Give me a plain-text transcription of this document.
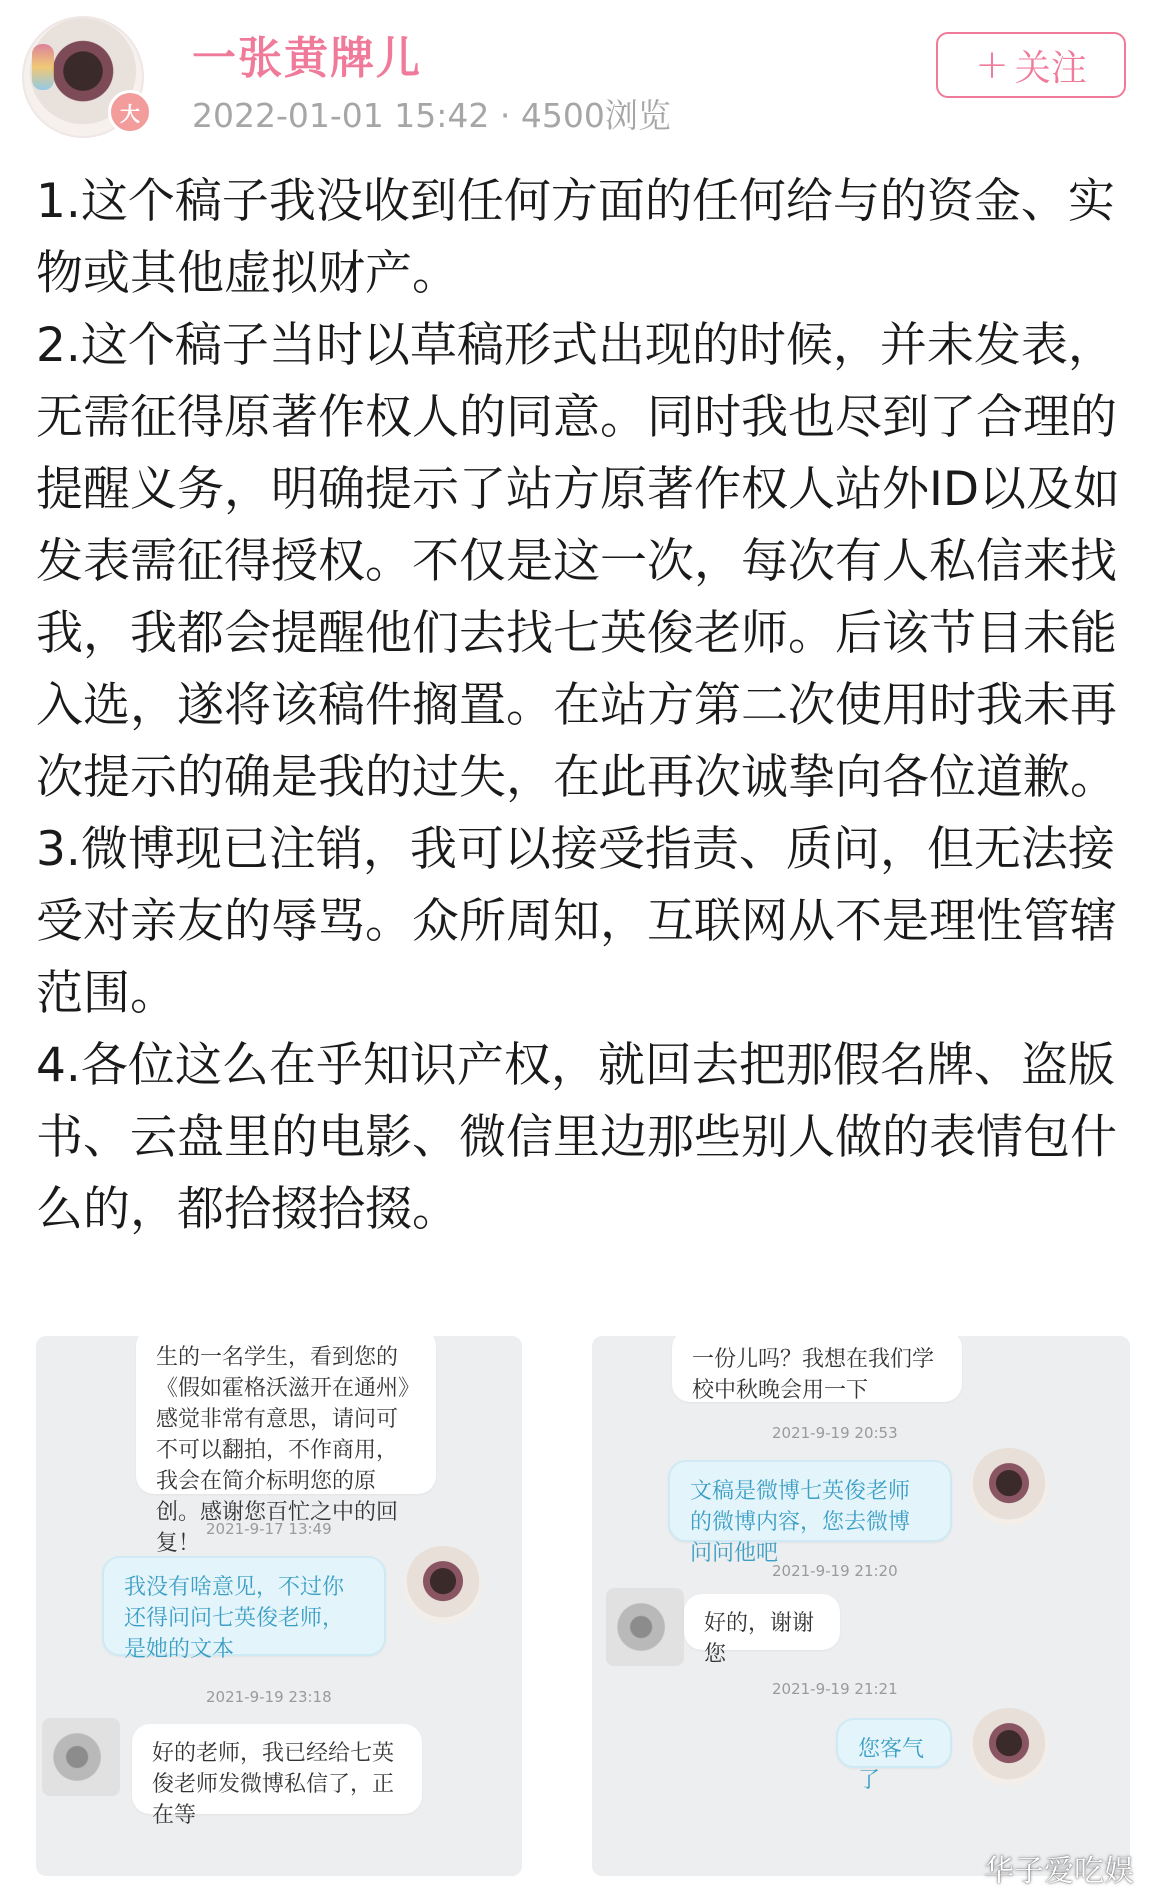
大
一张黄牌儿
2022-01-01 15:42 · 4500浏览
+ 关注

1.这个稿子我没收到任何方面的任何给与的资金、实物或其他虚拟财产。

2.这个稿子当时以草稿形式出现的时候，并未发表，无需征得原著作权人的同意。同时我也尽到了合理的提醒义务，明确提示了站方原著作权人站外ID以及如发表需征得授权。不仅是这一次，每次有人私信来找我，我都会提醒他们去找七英俊老师。后该节目未能入选，遂将该稿件搁置。在站方第二次使用时我未再次提示的确是我的过失，在此再次诚挚向各位道歉。

3.微博现已注销，我可以接受指责、质问，但无法接受对亲友的辱骂。众所周知，互联网从不是理性管辖范围。

4.各位这么在乎知识产权，就回去把那假名牌、盗版书、云盘里的电影、微信里边那些别人做的表情包什么的，都拾掇拾掇。

生的一名学生，看到您的《假如霍格沃滋开在通州》感觉非常有意思，请问可不可以翻拍，不作商用，我会在简介标明您的原创。感谢您百忙之中的回复！
2021-9-17 13:49
我没有啥意见，不过你还得问问七英俊老师，是她的文本
2021-9-19 23:18
好的老师，我已经给七英俊老师发微博私信了，正在等
一份儿吗？我想在我们学校中秋晚会用一下
2021-9-19 20:53
文稿是微博七英俊老师的微博内容，您去微博问问他吧
2021-9-19 21:20
好的，谢谢您
2021-9-19 21:21
您客气了
华子爱吃娱
